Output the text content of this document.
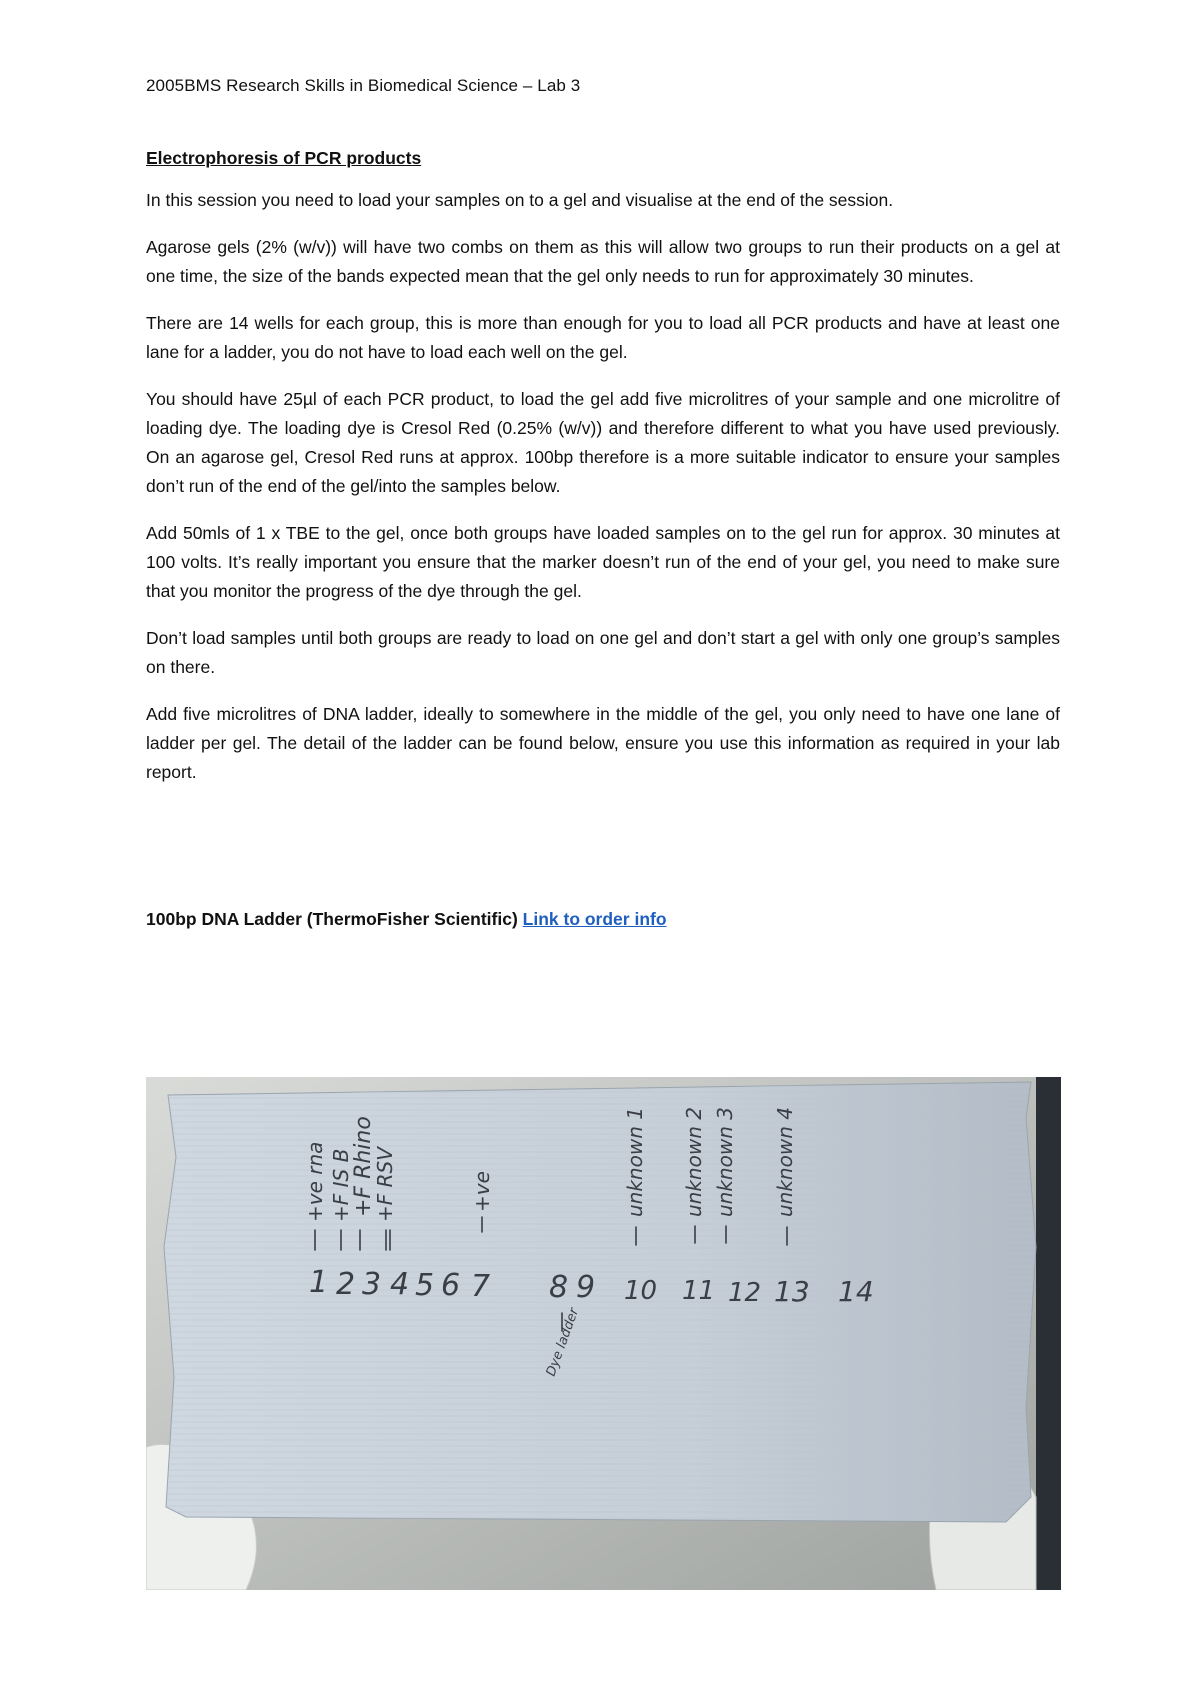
2005BMS Research Skills in Biomedical Science – Lab 3
Electrophoresis of PCR products

In this session you need to load your samples on to a gel and visualise at the end of the session.

Agarose gels (2% (w/v)) will have two combs on them as this will allow two groups to run their products on a gel at one time, the size of the bands expected mean that the gel only needs to run for approximately 30 minutes.

There are 14 wells for each group, this is more than enough for you to load all PCR products and have at least one lane for a ladder, you do not have to load each well on the gel.

You should have 25µl of each PCR product, to load the gel add five microlitres of your sample and one microlitre of loading dye. The loading dye is Cresol Red (0.25% (w/v)) and therefore different to what you have used previously. On an agarose gel, Cresol Red runs at approx. 100bp therefore is a more suitable indicator to ensure your samples don’t run of the end of the gel/into the samples below.

Add 50mls of 1 x TBE to the gel, once both groups have loaded samples on to the gel run for approx. 30 minutes at 100 volts. It’s really important you ensure that the marker doesn’t run of the end of your gel, you need to make sure that you monitor the progress of the dye through the gel.

Don’t load samples until both groups are ready to load on one gel and don’t start a gel with only one group’s samples on there.

Add five microlitres of DNA ladder, ideally to somewhere in the middle of the gel, you only need to have one lane of ladder per gel. The detail of the ladder can be found below, ensure you use this information as required in your lab report.

100bp DNA Ladder (ThermoFisher Scientific) Link to order info
1 2 3 4 5 6 7 8 9 10 11 12 13 14
+ve rna +F IS B
+F Rhino
+F RSV	+ve
Dye ladder
unknown 1 unknown 2 unknown 3 unknown 4
